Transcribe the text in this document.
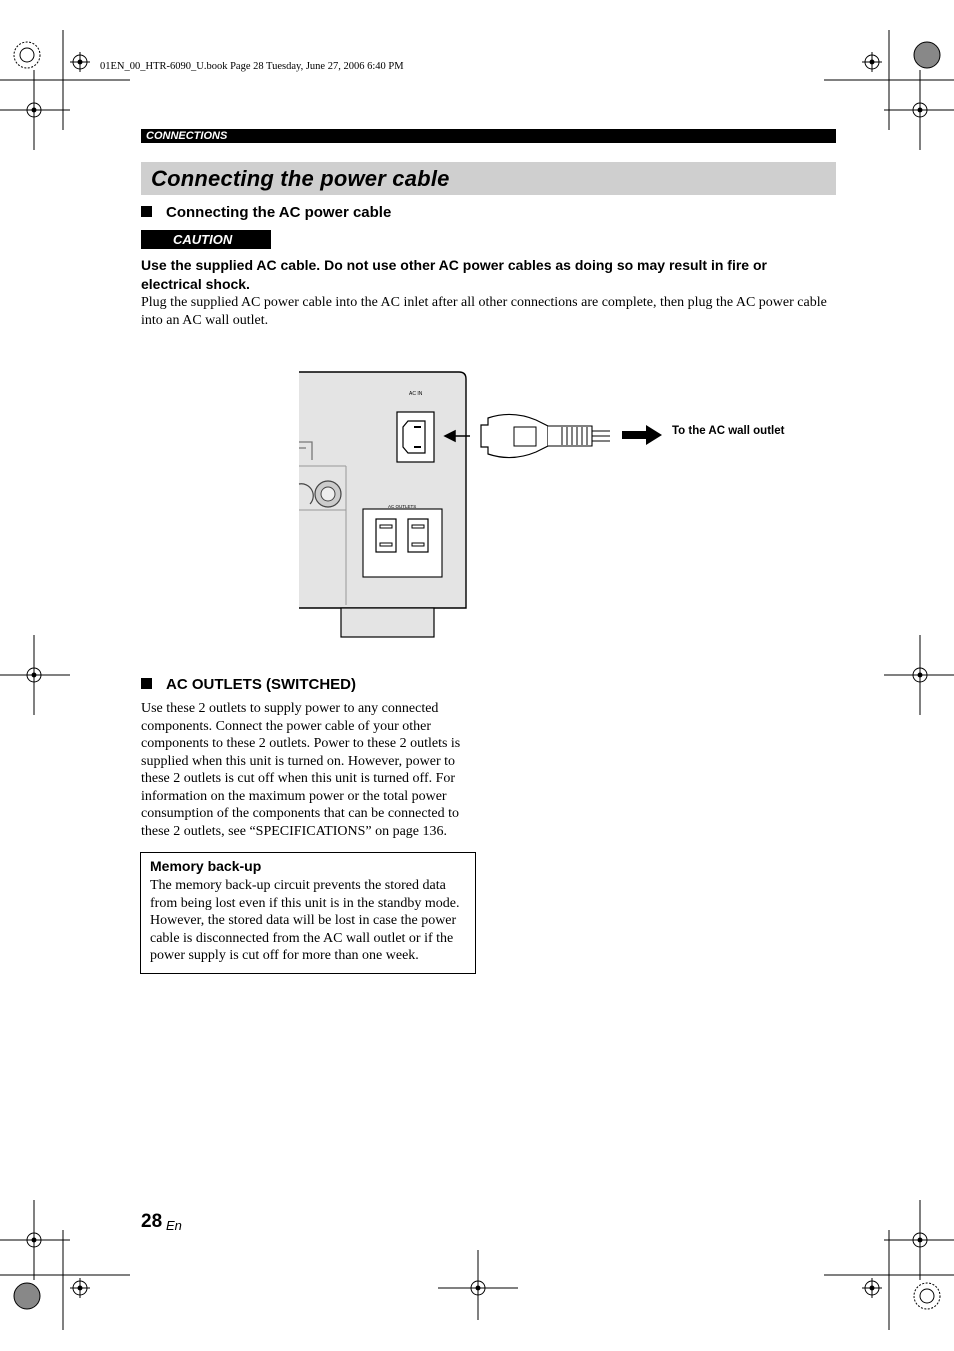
01EN_00_HTR-6090_U.book Page 28 Tuesday, June 27, 2006 6:40 PM
CONNECTIONS
Connecting the power cable
Connecting the AC power cable
CAUTION
Use the supplied AC cable. Do not use other AC power cables as doing so may result in fire or electrical shock.
Plug the supplied AC power cable into the AC inlet after all other connections are complete, then plug the AC power cable into an AC wall outlet.
AC IN
AC OUTLETS
To the AC wall outlet
AC OUTLETS (SWITCHED)
Use these 2 outlets to supply power to any connected components. Connect the power cable of your other components to these 2 outlets. Power to these 2 outlets is supplied when this unit is turned on. However, power to these 2 outlets is cut off when this unit is turned off. For information on the maximum power or the total power consumption of the components that can be connected to these 2 outlets, see “SPECIFICATIONS” on page 136.
Memory back-up
The memory back-up circuit prevents the stored data from being lost even if this unit is in the standby mode. However, the stored data will be lost in case the power cable is disconnected from the AC wall outlet or if the power supply is cut off for more than one week.
28 En
